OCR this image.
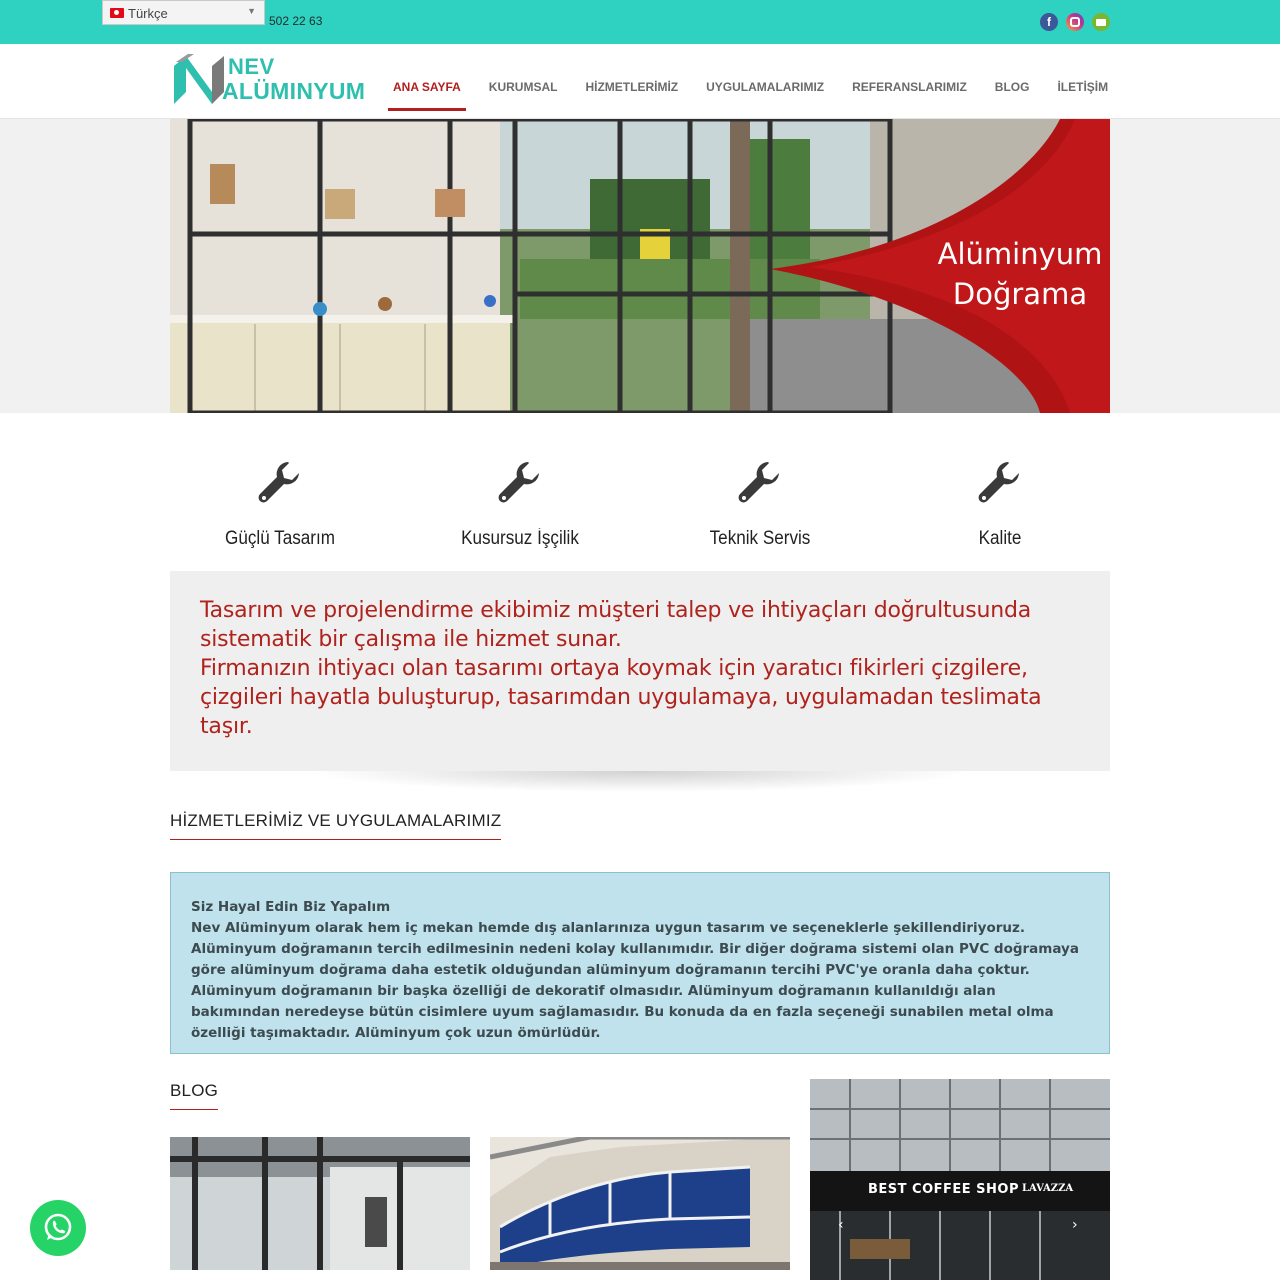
Türkçe	▼
502 22 63	f
NEV
ALÜMINYUM ANA SAYFA KURUMSAL HİZMETLERİMİZ UYGULAMALARIMIZ REFERANSLARIMIZ BLOG İLETİŞİM
Alüminyum
Doğrama
Güçlü Tasarım	Kusursuz İşçilik	Teknik Servis	Kalite

Tasarım ve projelendirme ekibimiz müşteri talep ve ihtiyaçları doğrultusunda sistematik bir çalışma ile hizmet sunar.

Firmanızın ihtiyacı olan tasarımı ortaya koymak için yaratıcı fikirleri çizgilere, çizgileri hayatla buluşturup, tasarımdan uygulamaya, uygulamadan teslimata taşır.

HİZMETLERİMİZ VE UYGULAMALARIMIZ
Siz Hayal Edin Biz Yapalım
Nev Alüminyum olarak hem iç mekan hemde dış alanlarınıza uygun tasarım ve seçeneklerle şekillendiriyoruz. Alüminyum doğramanın tercih edilmesinin nedeni kolay kullanımıdır. Bir diğer doğrama sistemi olan PVC doğramaya göre alüminyum doğrama daha estetik olduğundan alüminyum doğramanın tercihi PVC'ye oranla daha çoktur. Alüminyum doğramanın bir başka özelliği de dekoratif olmasıdır. Alüminyum doğramanın kullanıldığı alan bakımından neredeyse bütün cisimlere uyum sağlamasıdır. Bu konuda da en fazla seçeneği sunabilen metal olma özelliği taşımaktadır. Alüminyum çok uzun ömürlüdür.
BLOG
BEST COFFEE SHOP LAVAZZA
‹	›
